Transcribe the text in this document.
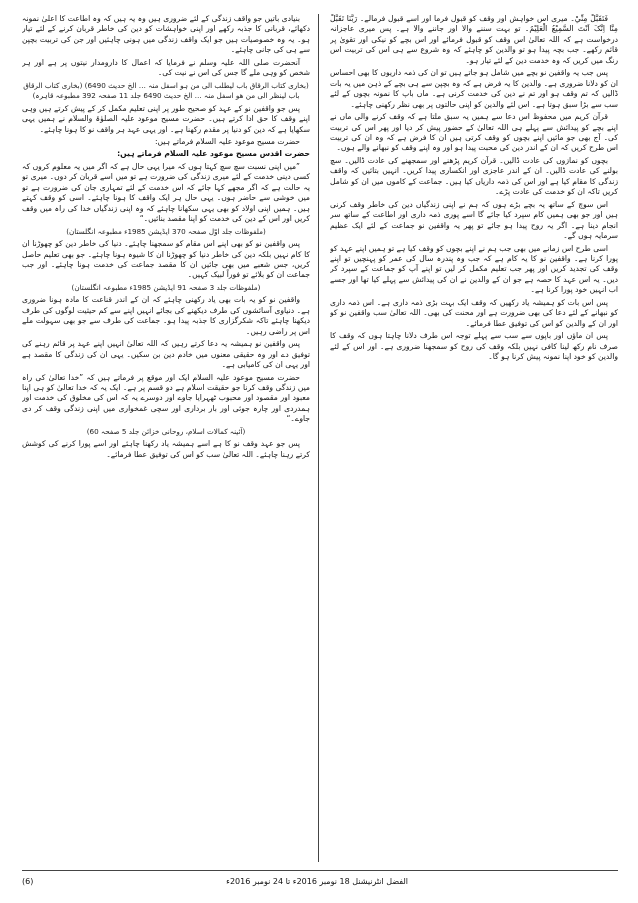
فَتَقَبَّلْ مِنِّيْ۔ میری اس خواہش اور وقف کو قبول فرما اور اسے قبول فرمالے۔ رَبَّنَا تَقَبَّلْ مِنَّا اِنَّکَ اَنْتَ السَّمِیْعُ الْعَلِیْمُ۔ تو بہت سننے والا اور جاننے والا ہے۔ پس میری عاجزانہ درخواست ہے کہ اللہ تعالیٰ اس وقف کو قبول فرمائے اور اس بچے کو نیکی اور تقویٰ پر قائم رکھے۔ جب بچہ پیدا ہو تو والدین کو چاہئے کہ وہ شروع سے ہی اس کی تربیت اس رنگ میں کریں کہ وہ خدمت دین کے لئے تیار ہو۔

پس جب یہ واقفین نو بچے میں شامل ہو جاتے ہیں تو ان کی ذمہ داریوں کا بھی احساس ان کو دلانا ضروری ہے۔ والدین کا یہ فرض ہے کہ وہ بچپن سے ہی بچے کے ذہن میں یہ بات ڈالیں کہ تم وقف ہو اور تم نے دین کی خدمت کرنی ہے۔ ماں باپ کا نمونہ بچوں کے لئے سب سے بڑا سبق ہوتا ہے۔ اس لئے والدین کو اپنی حالتوں پر بھی نظر رکھنی چاہئے۔

قرآن کریم میں محفوظ اس دعا سے ہمیں یہ سبق ملتا ہے کہ وقف کرنے والی ماں نے اپنے بچے کو پیدائش سے پہلے ہی اللہ تعالیٰ کے حضور پیش کر دیا اور پھر اس کی تربیت کی۔ آج بھی جو مائیں اپنے بچوں کو وقف کرتی ہیں ان کا فرض ہے کہ وہ ان کی تربیت اس طرح کریں کہ ان کے اندر دین کی محبت پیدا ہو اور وہ اپنے وقف کو نبھانے والے ہوں۔

بچوں کو نمازوں کی عادت ڈالیں۔ قرآن کریم پڑھنے اور سمجھنے کی عادت ڈالیں۔ سچ بولنے کی عادت ڈالیں۔ ان کے اندر عاجزی اور انکساری پیدا کریں۔ انہیں بتائیں کہ واقف زندگی کا مقام کیا ہے اور اس کی ذمہ داریاں کیا ہیں۔ جماعت کے کاموں میں ان کو شامل کریں تاکہ ان کو خدمت کی عادت پڑے۔

اس سوچ کے ساتھ یہ بچے بڑے ہوں کہ ہم نے اپنی زندگیاں دین کی خاطر وقف کرنی ہیں اور جو بھی ہمیں کام سپرد کیا جائے گا اسے پوری ذمہ داری اور اطاعت کے ساتھ سر انجام دینا ہے۔ اگر یہ روح پیدا ہو جائے تو پھر یہ واقفین نو جماعت کے لئے ایک عظیم سرمایہ ہوں گے۔

اسی طرح اس زمانے میں بھی جب ہم نے اپنے بچوں کو وقف کیا ہے تو ہمیں اپنے عہد کو پورا کرنا ہے۔ واقفین نو کا یہ کام ہے کہ جب وہ پندرہ سال کی عمر کو پہنچیں تو اپنے وقف کی تجدید کریں اور پھر جب تعلیم مکمل کر لیں تو اپنے آپ کو جماعت کے سپرد کر دیں۔ یہ اس عہد کا حصہ ہے جو ان کے والدین نے ان کی پیدائش سے پہلے کیا تھا اور جسے اب انہیں خود پورا کرنا ہے۔

پس اس بات کو ہمیشہ یاد رکھیں کہ وقف ایک بہت بڑی ذمہ داری ہے۔ اس ذمہ داری کو نبھانے کے لئے دعا کی بھی ضرورت ہے اور محنت کی بھی۔ اللہ تعالیٰ سب واقفین نو کو اور ان کے والدین کو اس کی توفیق عطا فرمائے۔

پس ان ماؤں اور باپوں سے سب سے پہلے توجہ اس طرف دلانا چاہتا ہوں کہ وقف کا صرف نام رکھ لینا کافی نہیں بلکہ وقف کی روح کو سمجھنا ضروری ہے۔ اور اس کے لئے والدین کو خود اپنا نمونہ پیش کرنا ہو گا۔

بنیادی باتیں جو واقف زندگی کے لئے ضروری ہیں وہ یہ ہیں کہ وہ اطاعت کا اعلیٰ نمونہ دکھائے، قربانی کا جذبہ رکھے اور اپنی خواہشات کو دین کی خاطر قربان کرنے کے لئے تیار ہو۔ یہ وہ خصوصیات ہیں جو ایک واقف زندگی میں ہونی چاہئیں اور جن کی تربیت بچپن سے ہی کی جانی چاہئے۔

آنحضرت صلی اللہ علیہ وسلم نے فرمایا کہ اعمال کا دارومدار نیتوں پر ہے اور ہر شخص کو وہی ملے گا جس کی اس نے نیت کی۔

(بخاری کتاب الرقاق باب لیطلب الی من ہو اسفل منہ … الخ حدیث 6490) (بخاری کتاب الرقاق باب لینظر الی من ھو اسفل منہ … الخ حدیث 6490 جلد 11 صفحہ 392 مطبوعہ قاہرہ)

پس جو واقفین نو کے عہد کو صحیح طور پر اپنی تعلیم مکمل کر کے پیش کرتے ہیں وہی اپنے وقف کا حق ادا کرتے ہیں۔ حضرت مسیح موعود علیہ الصلوٰۃ والسلام نے ہمیں یہی سکھایا ہے کہ دین کو دنیا پر مقدم رکھنا ہے۔ اور یہی عہد ہر واقف نو کا ہونا چاہئے۔

حضرت مسیح موعود علیہ السلام فرماتے ہیں:

حضرت اقدس مسیح موعود علیہ السلام فرماتے ہیں:

”میں اپنی نسبت سچ سچ کہتا ہوں کہ میرا یہی حال ہے کہ اگر میں یہ معلوم کروں کہ کسی دینی خدمت کے لئے میری زندگی کی ضرورت ہے تو میں اسے قربان کر دوں۔ میری تو یہ حالت ہے کہ اگر مجھے کہا جائے کہ اس خدمت کے لئے تمہاری جان کی ضرورت ہے تو میں خوشی سے حاضر ہوں۔ یہی حال ہر ایک واقف کا ہونا چاہئے۔ اسی کو وقف کہتے ہیں۔ ہمیں اپنی اولاد کو بھی یہی سکھانا چاہئے کہ وہ اپنی زندگیاں خدا کی راہ میں وقف کریں اور اس کے دین کی خدمت کو اپنا مقصد بنائیں۔“

(ملفوظات جلد اوّل صفحہ 370 ایڈیشن 1985ء مطبوعہ انگلستان)

پس واقفین نو کو بھی اپنے اس مقام کو سمجھنا چاہئے۔ دنیا کی خاطر دین کو چھوڑنا ان کا کام نہیں بلکہ دین کی خاطر دنیا کو چھوڑنا ان کا شیوہ ہونا چاہئے۔ جو بھی تعلیم حاصل کریں، جس شعبے میں بھی جائیں ان کا مقصد جماعت کی خدمت ہونا چاہئے۔ اور جب جماعت ان کو بلائے تو فوراً لبیک کہیں۔

(ملفوظات جلد 3 صفحہ 91 ایڈیشن 1985ء مطبوعہ انگلستان)

واقفین نو کو یہ بات بھی یاد رکھنی چاہئے کہ ان کے اندر قناعت کا مادہ ہونا ضروری ہے۔ دنیاوی آسائشوں کی طرف دیکھنے کی بجائے انہیں اپنے سے کم حیثیت لوگوں کی طرف دیکھنا چاہئے تاکہ شکرگزاری کا جذبہ پیدا ہو۔ جماعت کی طرف سے جو بھی سہولت ملے اس پر راضی رہیں۔

پس واقفین نو ہمیشہ یہ دعا کرتے رہیں کہ اللہ تعالیٰ انہیں اپنے عہد پر قائم رہنے کی توفیق دے اور وہ حقیقی معنوں میں خادم دین بن سکیں۔ یہی ان کی زندگی کا مقصد ہے اور یہی ان کی کامیابی ہے۔

حضرت مسیح موعود علیہ السلام ایک اور موقع پر فرماتے ہیں کہ ”خدا تعالیٰ کی راہ میں زندگی وقف کرنا جو حقیقت اسلام ہے دو قسم پر ہے۔ ایک یہ کہ خدا تعالیٰ کو ہی اپنا معبود اور مقصود اور محبوب ٹھہرایا جاوے اور دوسرے یہ کہ اس کی مخلوق کی خدمت اور ہمدردی اور چارہ جوئی اور بار برداری اور سچی غمخواری میں اپنی زندگی وقف کر دی جاوے۔“

(آئینہ کمالات اسلام، روحانی خزائن جلد 5 صفحہ 60)

پس جو عہد وقف نو کا ہے اسے ہمیشہ یاد رکھنا چاہئے اور اسے پورا کرنے کی کوشش کرتے رہنا چاہئے۔ اللہ تعالیٰ سب کو اس کی توفیق عطا فرمائے۔

(6)	الفضل انٹرنیشنل 18 نومبر 2016ء تا 24 نومبر 2016ء
